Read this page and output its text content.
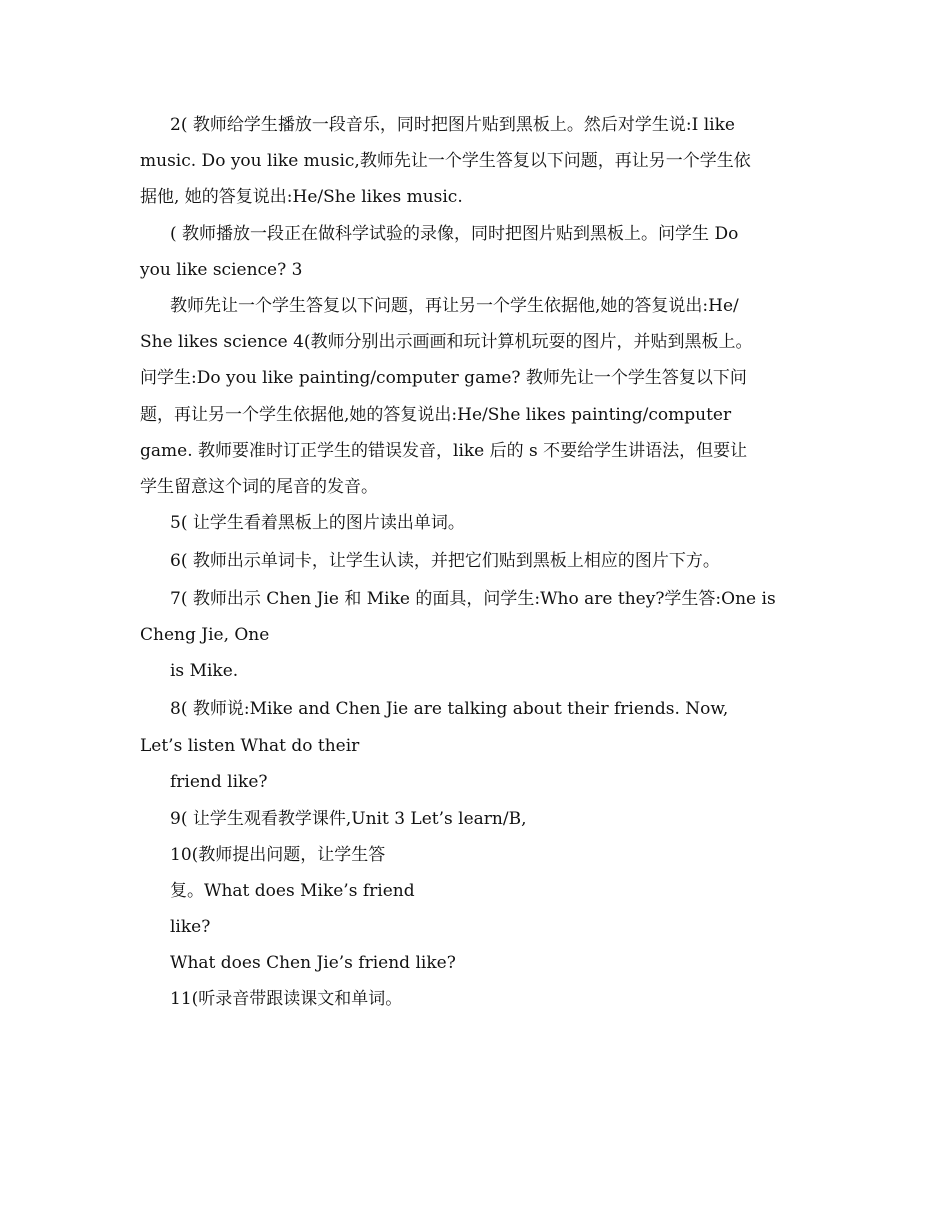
2( 教师给学生播放一段音乐，同时把图片贴到黑板上。然后对学生说:I like
music. Do you like music,教师先让一个学生答复以下问题，再让另一个学生依
据他, 她的答复说出:He/She likes music.
( 教师播放一段正在做科学试验的录像，同时把图片贴到黑板上。问学生 Do
you like science? 3
教师先让一个学生答复以下问题，再让另一个学生依据他,她的答复说出:He/
She likes science 4(教师分别出示画画和玩计算机玩耍的图片，并贴到黑板上。
问学生:Do you like painting/computer game? 教师先让一个学生答复以下问
题，再让另一个学生依据他,她的答复说出:He/She likes painting/computer
game. 教师要准时订正学生的错误发音，like 后的 s 不要给学生讲语法，但要让
学生留意这个词的尾音的发音。
5( 让学生看着黑板上的图片读出单词。
6( 教师出示单词卡，让学生认读，并把它们贴到黑板上相应的图片下方。
7( 教师出示 Chen Jie 和 Mike 的面具，问学生:Who are they?学生答:One is
Cheng Jie, One
is Mike.
8( 教师说:Mike and Chen Jie are talking about their friends. Now,
Let’s listen What do their
friend like?
9( 让学生观看教学课件,Unit 3 Let’s learn/B,
10(教师提出问题，让学生答
复。What does Mike’s friend
like?
What does Chen Jie’s friend like?
11(听录音带跟读课文和单词。
